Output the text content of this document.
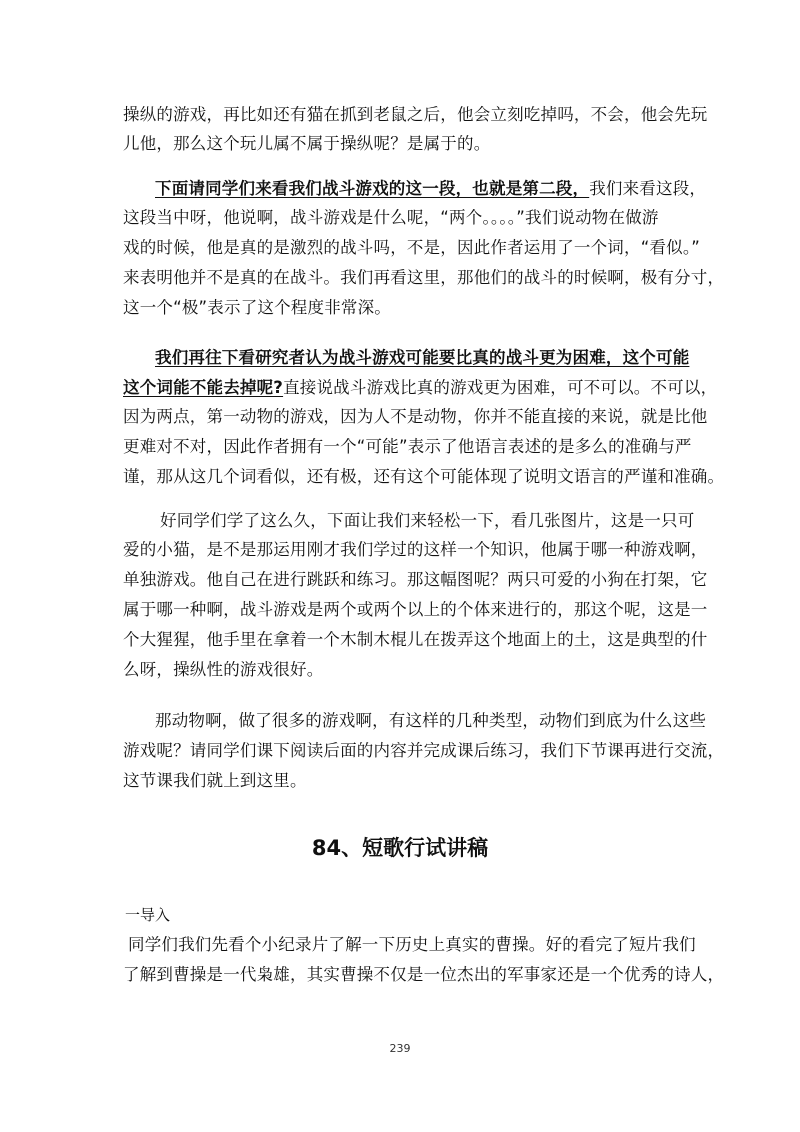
操纵的游戏，再比如还有猫在抓到老鼠之后，他会立刻吃掉吗，不会，他会先玩
儿他，那么这个玩儿属不属于操纵呢？是属于的。
下面请同学们来看我们战斗游戏的这一段，也就是第二段，我们来看这段，
这段当中呀，他说啊，战斗游戏是什么呢，“两个。。。。”我们说动物在做游
戏的时候，他是真的是激烈的战斗吗，不是，因此作者运用了一个词，“看似。”
来表明他并不是真的在战斗。我们再看这里，那他们的战斗的时候啊，极有分寸，
这一个“极”表示了这个程度非常深。
我们再往下看研究者认为战斗游戏可能要比真的战斗更为困难，这个可能
这个词能不能去掉呢?直接说战斗游戏比真的游戏更为困难，可不可以。不可以，
因为两点，第一动物的游戏，因为人不是动物，你并不能直接的来说，就是比他
更难对不对，因此作者拥有一个“可能”表示了他语言表述的是多么的准确与严
谨，那从这几个词看似，还有极，还有这个可能体现了说明文语言的严谨和准确。
好同学们学了这么久，下面让我们来轻松一下，看几张图片，这是一只可
爱的小猫，是不是那运用刚才我们学过的这样一个知识，他属于哪一种游戏啊，
单独游戏。他自己在进行跳跃和练习。那这幅图呢？两只可爱的小狗在打架，它
属于哪一种啊，战斗游戏是两个或两个以上的个体来进行的，那这个呢，这是一
个大猩猩，他手里在拿着一个木制木棍儿在拨弄这个地面上的土，这是典型的什
么呀，操纵性的游戏很好。
那动物啊，做了很多的游戏啊，有这样的几种类型，动物们到底为什么这些
游戏呢？请同学们课下阅读后面的内容并完成课后练习，我们下节课再进行交流，
这节课我们就上到这里。
84、短歌行试讲稿
一导入
同学们我们先看个小纪录片了解一下历史上真实的曹操。好的看完了短片我们
了解到曹操是一代枭雄，其实曹操不仅是一位杰出的军事家还是一个优秀的诗人，
239
